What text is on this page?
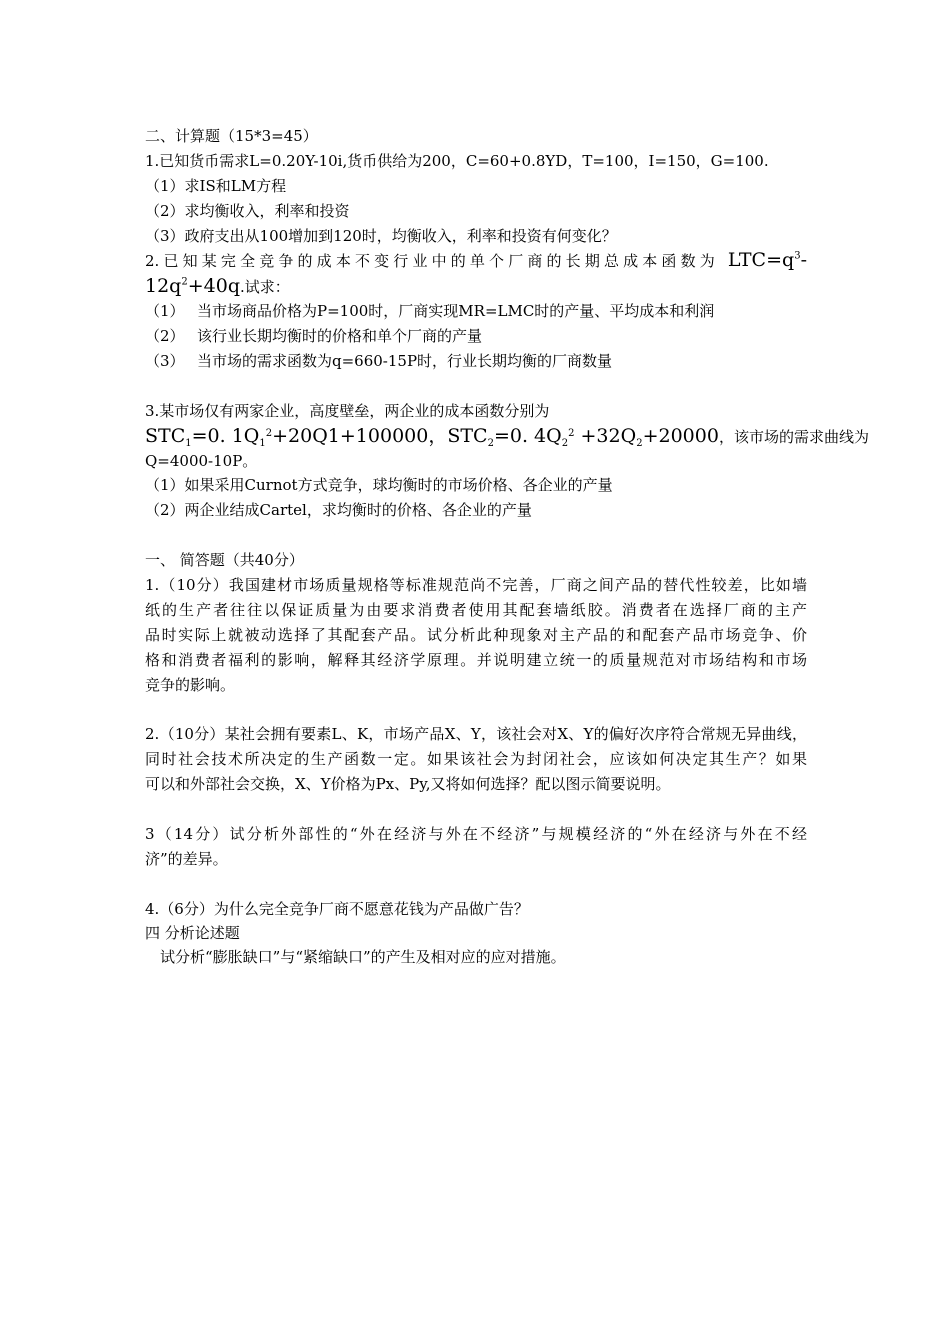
二、计算题（15*3=45）
1.已知货币需求L=0.20Y-10i,货币供给为200，C=60+0.8YD，T=100，I=150，G=100.
（1）求IS和LM方程
（2）求均衡收入，利率和投资
（3）政府支出从100增加到120时，均衡收入，利率和投资有何变化？
2.已知某完全竞争的成本不变行业中的单个厂商的长期总成本函数为 $LTC=q^3-$
$12q^2+40q$.试求：
（1） 当市场商品价格为P=100时，厂商实现MR=LMC时的产量、平均成本和利润
（2） 该行业长期均衡时的价格和单个厂商的产量
（3） 当市场的需求函数为q=660-15P时，行业长期均衡的厂商数量
3.某市场仅有两家企业，高度壁垒，两企业的成本函数分别为
$STC_1=0$. $1Q_1^2+20Q1+100000$，$STC_2=0$. $4Q_2^2 +32Q_2+20000$，该市场的需求曲线为
Q=4000-10P。
（1）如果采用Curnot方式竞争，球均衡时的市场价格、各企业的产量
（2）两企业结成Cartel，求均衡时的价格、各企业的产量
一、 简答题（共40分）
1.（10分）我国建材市场质量规格等标准规范尚不完善，厂商之间产品的替代性较差，比如墙
纸的生产者往往以保证质量为由要求消费者使用其配套墙纸胶。消费者在选择厂商的主产
品时实际上就被动选择了其配套产品。试分析此种现象对主产品的和配套产品市场竞争、价
格和消费者福利的影响，解释其经济学原理。并说明建立统一的质量规范对市场结构和市场
竞争的影响。
2.（10分）某社会拥有要素L、K，市场产品X、Y，该社会对X、Y的偏好次序符合常规无异曲线，
同时社会技术所决定的生产函数一定。如果该社会为封闭社会，应该如何决定其生产？如果
可以和外部社会交换，X、Y价格为Px、Py,又将如何选择？配以图示简要说明。
3（14分）试分析外部性的“外在经济与外在不经济”与规模经济的“外在经济与外在不经
济”的差异。
4.（6分）为什么完全竞争厂商不愿意花钱为产品做广告？
四 分析论述题
试分析“膨胀缺口”与“紧缩缺口”的产生及相对应的应对措施。
